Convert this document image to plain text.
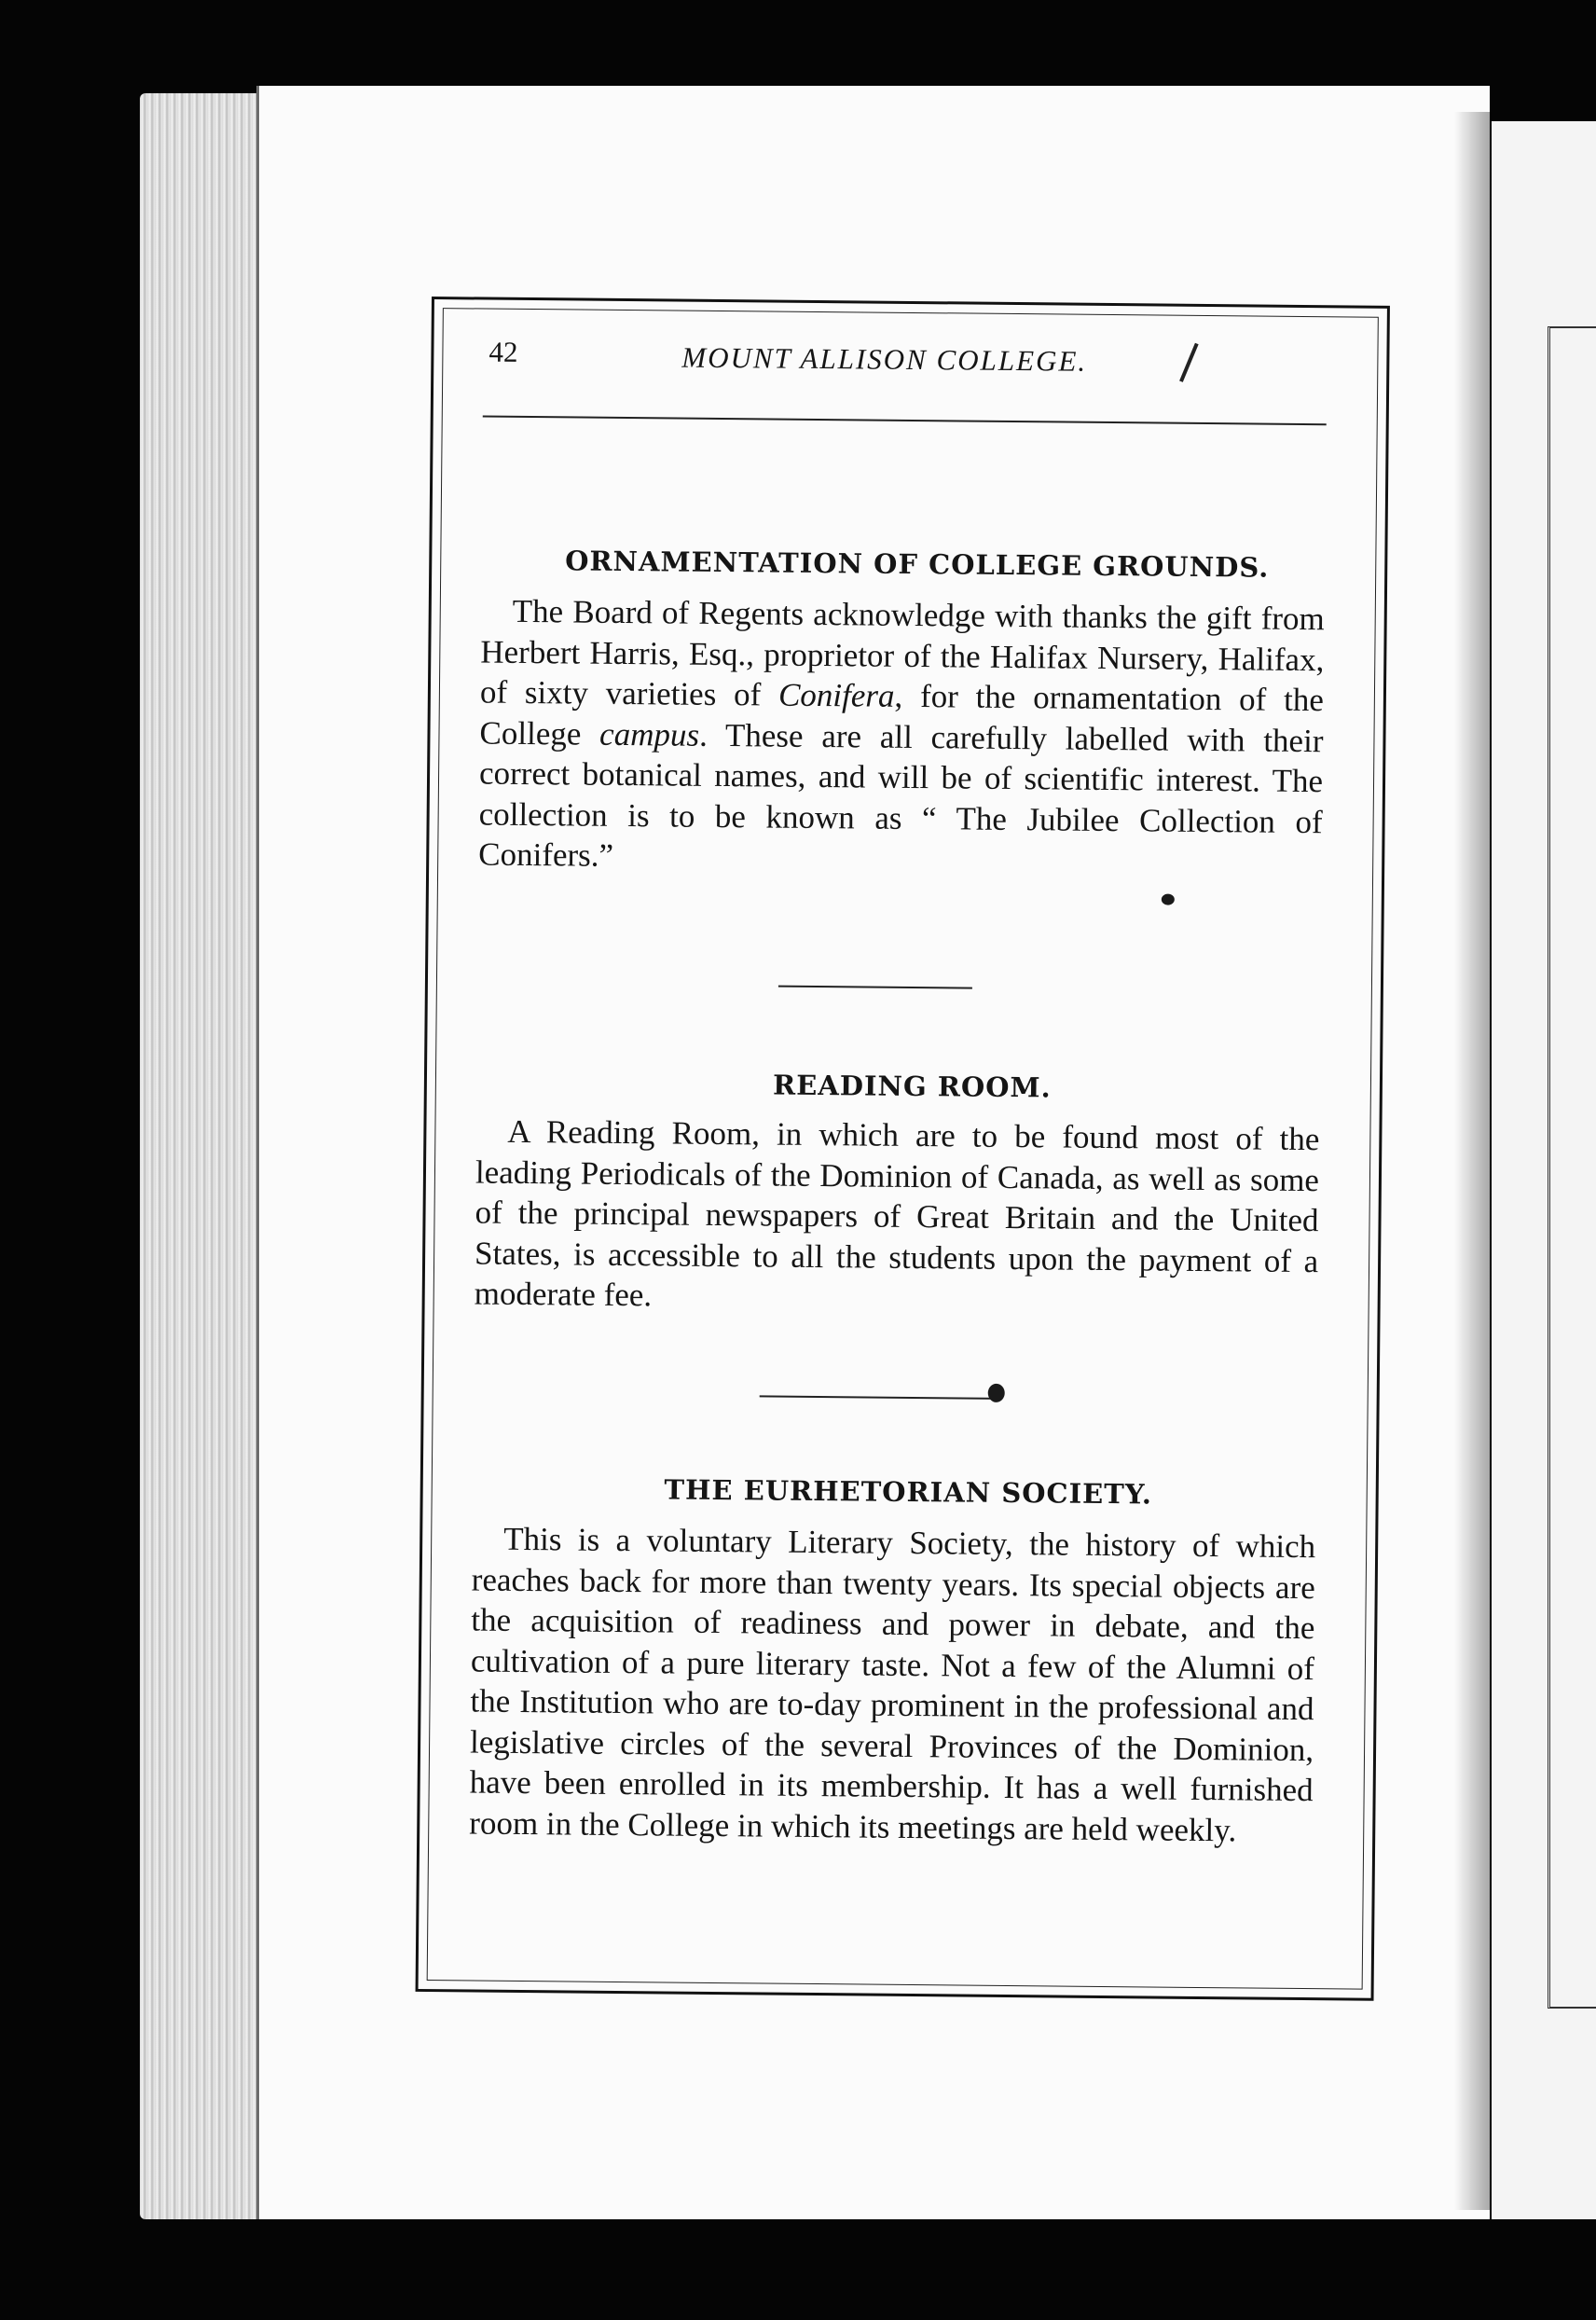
42	MOUNT ALLISON COLLEGE.
ORNAMENTATION OF COLLEGE GROUNDS.

The Board of Regents acknowledge with thanks the gift from Herbert Harris, Esq., proprietor of the Halifax Nursery, Halifax, of sixty varieties of Conifera, for the ornamentation of the College campus. These are all carefully labelled with their correct botanical names, and will be of scientific interest. The collection is to be known as “ The Jubilee Collection of Conifers.”

READING ROOM.

A Reading Room, in which are to be found most of the leading Periodicals of the Dominion of Canada, as well as some of the principal newspapers of Great Britain and the United States, is accessible to all the students upon the payment of a moderate fee.

THE EURHETORIAN SOCIETY.

This is a voluntary Literary Society, the history of which reaches back for more than twenty years. Its special objects are the acquisition of readiness and power in debate, and the cultivation of a pure literary taste. Not a few of the Alumni of the Institution who are to-day prominent in the professional and legislative circles of the several Provinces of the Dominion, have been enrolled in its membership. It has a well furnished room in the College in which its meetings are held weekly.
